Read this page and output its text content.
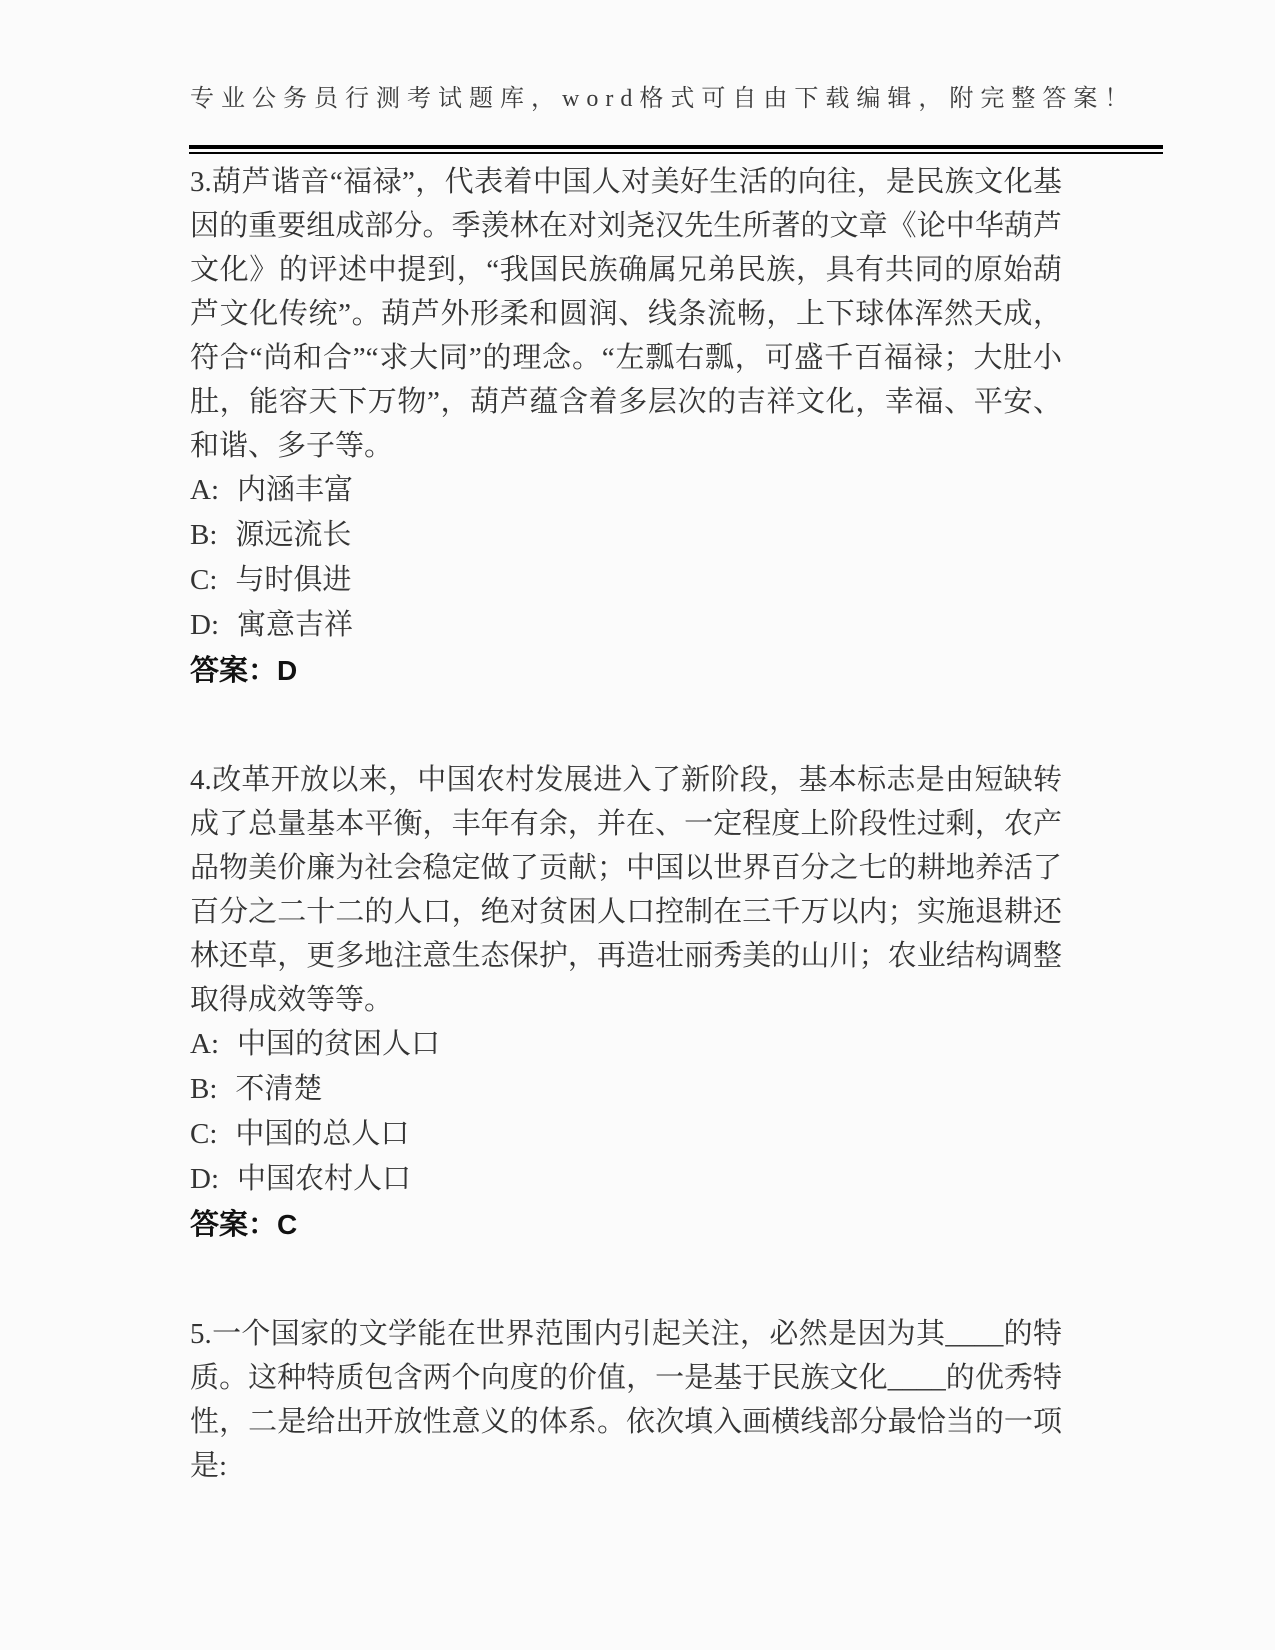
专业公务员行测考试题库，word格式可自由下载编辑，附完整答案！

3.葫芦谐音“福禄”，代表着中国人对美好生活的向往，是民族文化基因的重要组成部分。季羡林在对刘尧汉先生所著的文章《论中华葫芦文化》的评述中提到，“我国民族确属兄弟民族，具有共同的原始葫芦文化传统”。葫芦外形柔和圆润、线条流畅，上下球体浑然天成，符合“尚和合”“求大同”的理念。“左瓢右瓢，可盛千百福禄；大肚小肚，能容天下万物”，葫芦蕴含着多层次的吉祥文化，幸福、平安、和谐、多子等。

A: 内涵丰富
B: 源远流长
C: 与时俱进
D: 寓意吉祥
答案：D

4.改革开放以来，中国农村发展进入了新阶段，基本标志是由短缺转成了总量基本平衡，丰年有余，并在、一定程度上阶段性过剩，农产品物美价廉为社会稳定做了贡献；中国以世界百分之七的耕地养活了百分之二十二的人口，绝对贫困人口控制在三千万以内；实施退耕还林还草，更多地注意生态保护，再造壮丽秀美的山川；农业结构调整取得成效等等。

A: 中国的贫困人口
B: 不清楚
C: 中国的总人口
D: 中国农村人口
答案：C

5.一个国家的文学能在世界范围内引起关注，必然是因为其____的特质。这种特质包含两个向度的价值，一是基于民族文化____的优秀特性，二是给出开放性意义的体系。依次填入画横线部分最恰当的一项是:
